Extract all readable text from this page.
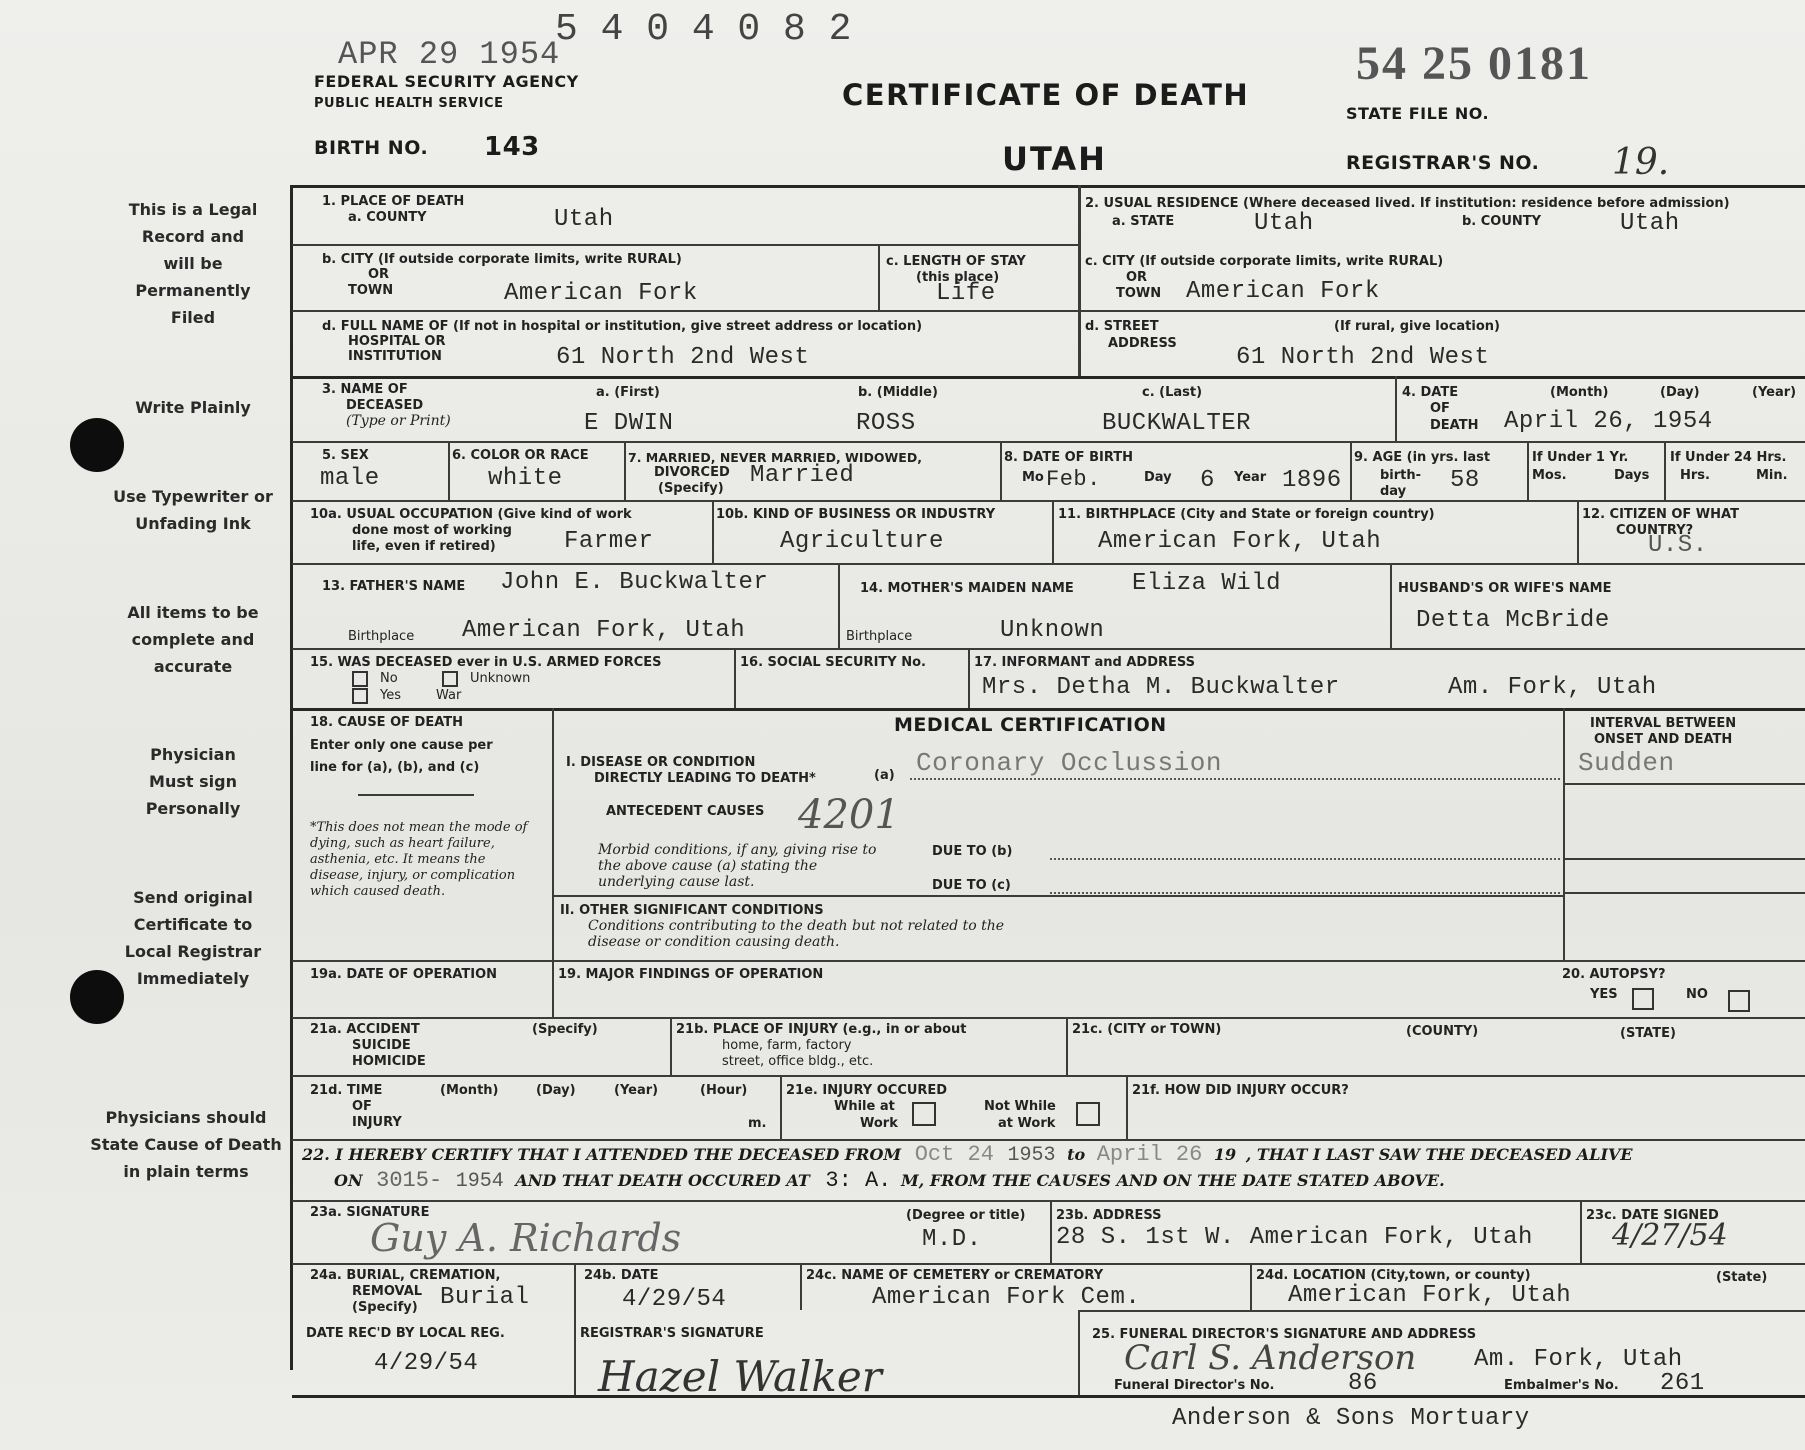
This is a Legal Record and will be Permanently Filed
Write Plainly
Use Typewriter or Unfading Ink
All items to be complete and accurate
Physician Must sign Personally
Send original Certificate to Local Registrar Immediately
Physicians should State Cause of Death in plain terms
APR 29 1954
5 4 0 4 0 8 2
FEDERAL SECURITY AGENCY
PUBLIC HEALTH SERVICE	CERTIFICATE OF DEATH
UTAH
54 25 0181
STATE FILE NO.
REGISTRAR'S NO. 19.
BIRTH NO. 143
1. PLACE OF DEATH
a. COUNTY	Utah
2. USUAL RESIDENCE (Where deceased lived. If institution: residence before admission)
a. STATE	Utah	b. COUNTY	Utah
b. CITY (If outside corporate limits, write RURAL)
OR
TOWN	American Fork
c. LENGTH OF STAY
(this place)
Life
c. CITY (If outside corporate limits, write RURAL)
OR
TOWN American Fork
d. FULL NAME OF (If not in hospital or institution, give street address or location)
HOSPITAL OR
INSTITUTION	61 North 2nd West
d. STREET
ADDRESS
(If rural, give location)
61 North 2nd West
3. NAME OF
DECEASED
(Type or Print)
a. (First)	b. (Middle)	c. (Last)
E DWIN	ROSS	BUCKWALTER
4. DATE
OF
DEATH
(Month)	(Day)	(Year)
April 26, 1954
5. SEX
male
6. COLOR OR RACE
white
7. MARRIED, NEVER MARRIED, WIDOWED,
DIVORCED
(Specify) Married
8. DATE OF BIRTH
Mo Feb.	Day 6 Year 1896
9. AGE (in yrs. last
birth-
day 58
If Under 1 Yr.
Mos.	Days
If Under 24 Hrs.
Hrs.	Min.
10a. USUAL OCCUPATION (Give kind of work
done most of working
life, even if retired)	Farmer
10b. KIND OF BUSINESS OR INDUSTRY
Agriculture
11. BIRTHPLACE (City and State or foreign country)
American Fork, Utah
12. CITIZEN OF WHAT
COUNTRY?
U.S.
13. FATHER'S NAME John E. Buckwalter
Birthplace American Fork, Utah
14. MOTHER'S MAIDEN NAME Eliza Wild
Birthplace	Unknown
HUSBAND'S OR WIFE'S NAME
Detta McBride
15. WAS DECEASED ever in U.S. ARMED FORCES
No	Unknown
Yes	War
16. SOCIAL SECURITY No.	17. INFORMANT and ADDRESS
Mrs. Detha M. Buckwalter	Am. Fork, Utah
18. CAUSE OF DEATH
Enter only one cause per
line for (a), (b), and (c)
*This does not mean the mode of dying, such as heart failure, asthenia, etc. It means the disease, injury, or complication which caused death.
MEDICAL CERTIFICATION	INTERVAL BETWEEN
ONSET AND DEATH
I. DISEASE OR CONDITION
DIRECTLY LEADING TO DEATH*	(a) Coronary Occlussion	Sudden
ANTECEDENT CAUSES 4201
Morbid conditions, if any, giving rise to the above cause (a) stating the underlying cause last.
DUE TO (b)
DUE TO (c)
II. OTHER SIGNIFICANT CONDITIONS
Conditions contributing to the death but not related to the disease or condition causing death.
19a. DATE OF OPERATION	19. MAJOR FINDINGS OF OPERATION	20. AUTOPSY?
YES	NO
21a. ACCIDENT
SUICIDE
HOMICIDE
(Specify)	21b. PLACE OF INJURY (e.g., in or about
home, farm, factory
street, office bldg., etc.
21c. (CITY or TOWN)	(COUNTY)	(STATE)
21d. TIME
OF
INJURY
(Month)	(Day)	(Year)	(Hour)
m.
21e. INJURY OCCURED
While at
Work
Not While
at Work
21f. HOW DID INJURY OCCUR?
22. I HEREBY CERTIFY THAT I ATTENDED THE DECEASED FROM Oct 24 1953 to April 26 19 , THAT I LAST SAW THE DECEASED ALIVE
ON 3015- 1954 AND THAT DEATH OCCURED AT 3: A. M, FROM THE CAUSES AND ON THE DATE STATED ABOVE.
23a. SIGNATURE
Guy A. Richards
(Degree or title)
M.D.
23b. ADDRESS
28 S. 1st W. American Fork, Utah
23c. DATE SIGNED
4/27/54
24a. BURIAL, CREMATION,
REMOVAL
(Specify) Burial
24b. DATE
4/29/54
24c. NAME OF CEMETERY or CREMATORY
American Fork Cem.
24d. LOCATION (City,town, or county)
American Fork, Utah
(State)
DATE REC'D BY LOCAL REG.
4/29/54
REGISTRAR'S SIGNATURE
Hazel Walker
25. FUNERAL DIRECTOR'S SIGNATURE AND ADDRESS
Carl S. Anderson Am. Fork, Utah
Funeral Director's No.	86	Embalmer's No. 261
Anderson & Sons Mortuary
